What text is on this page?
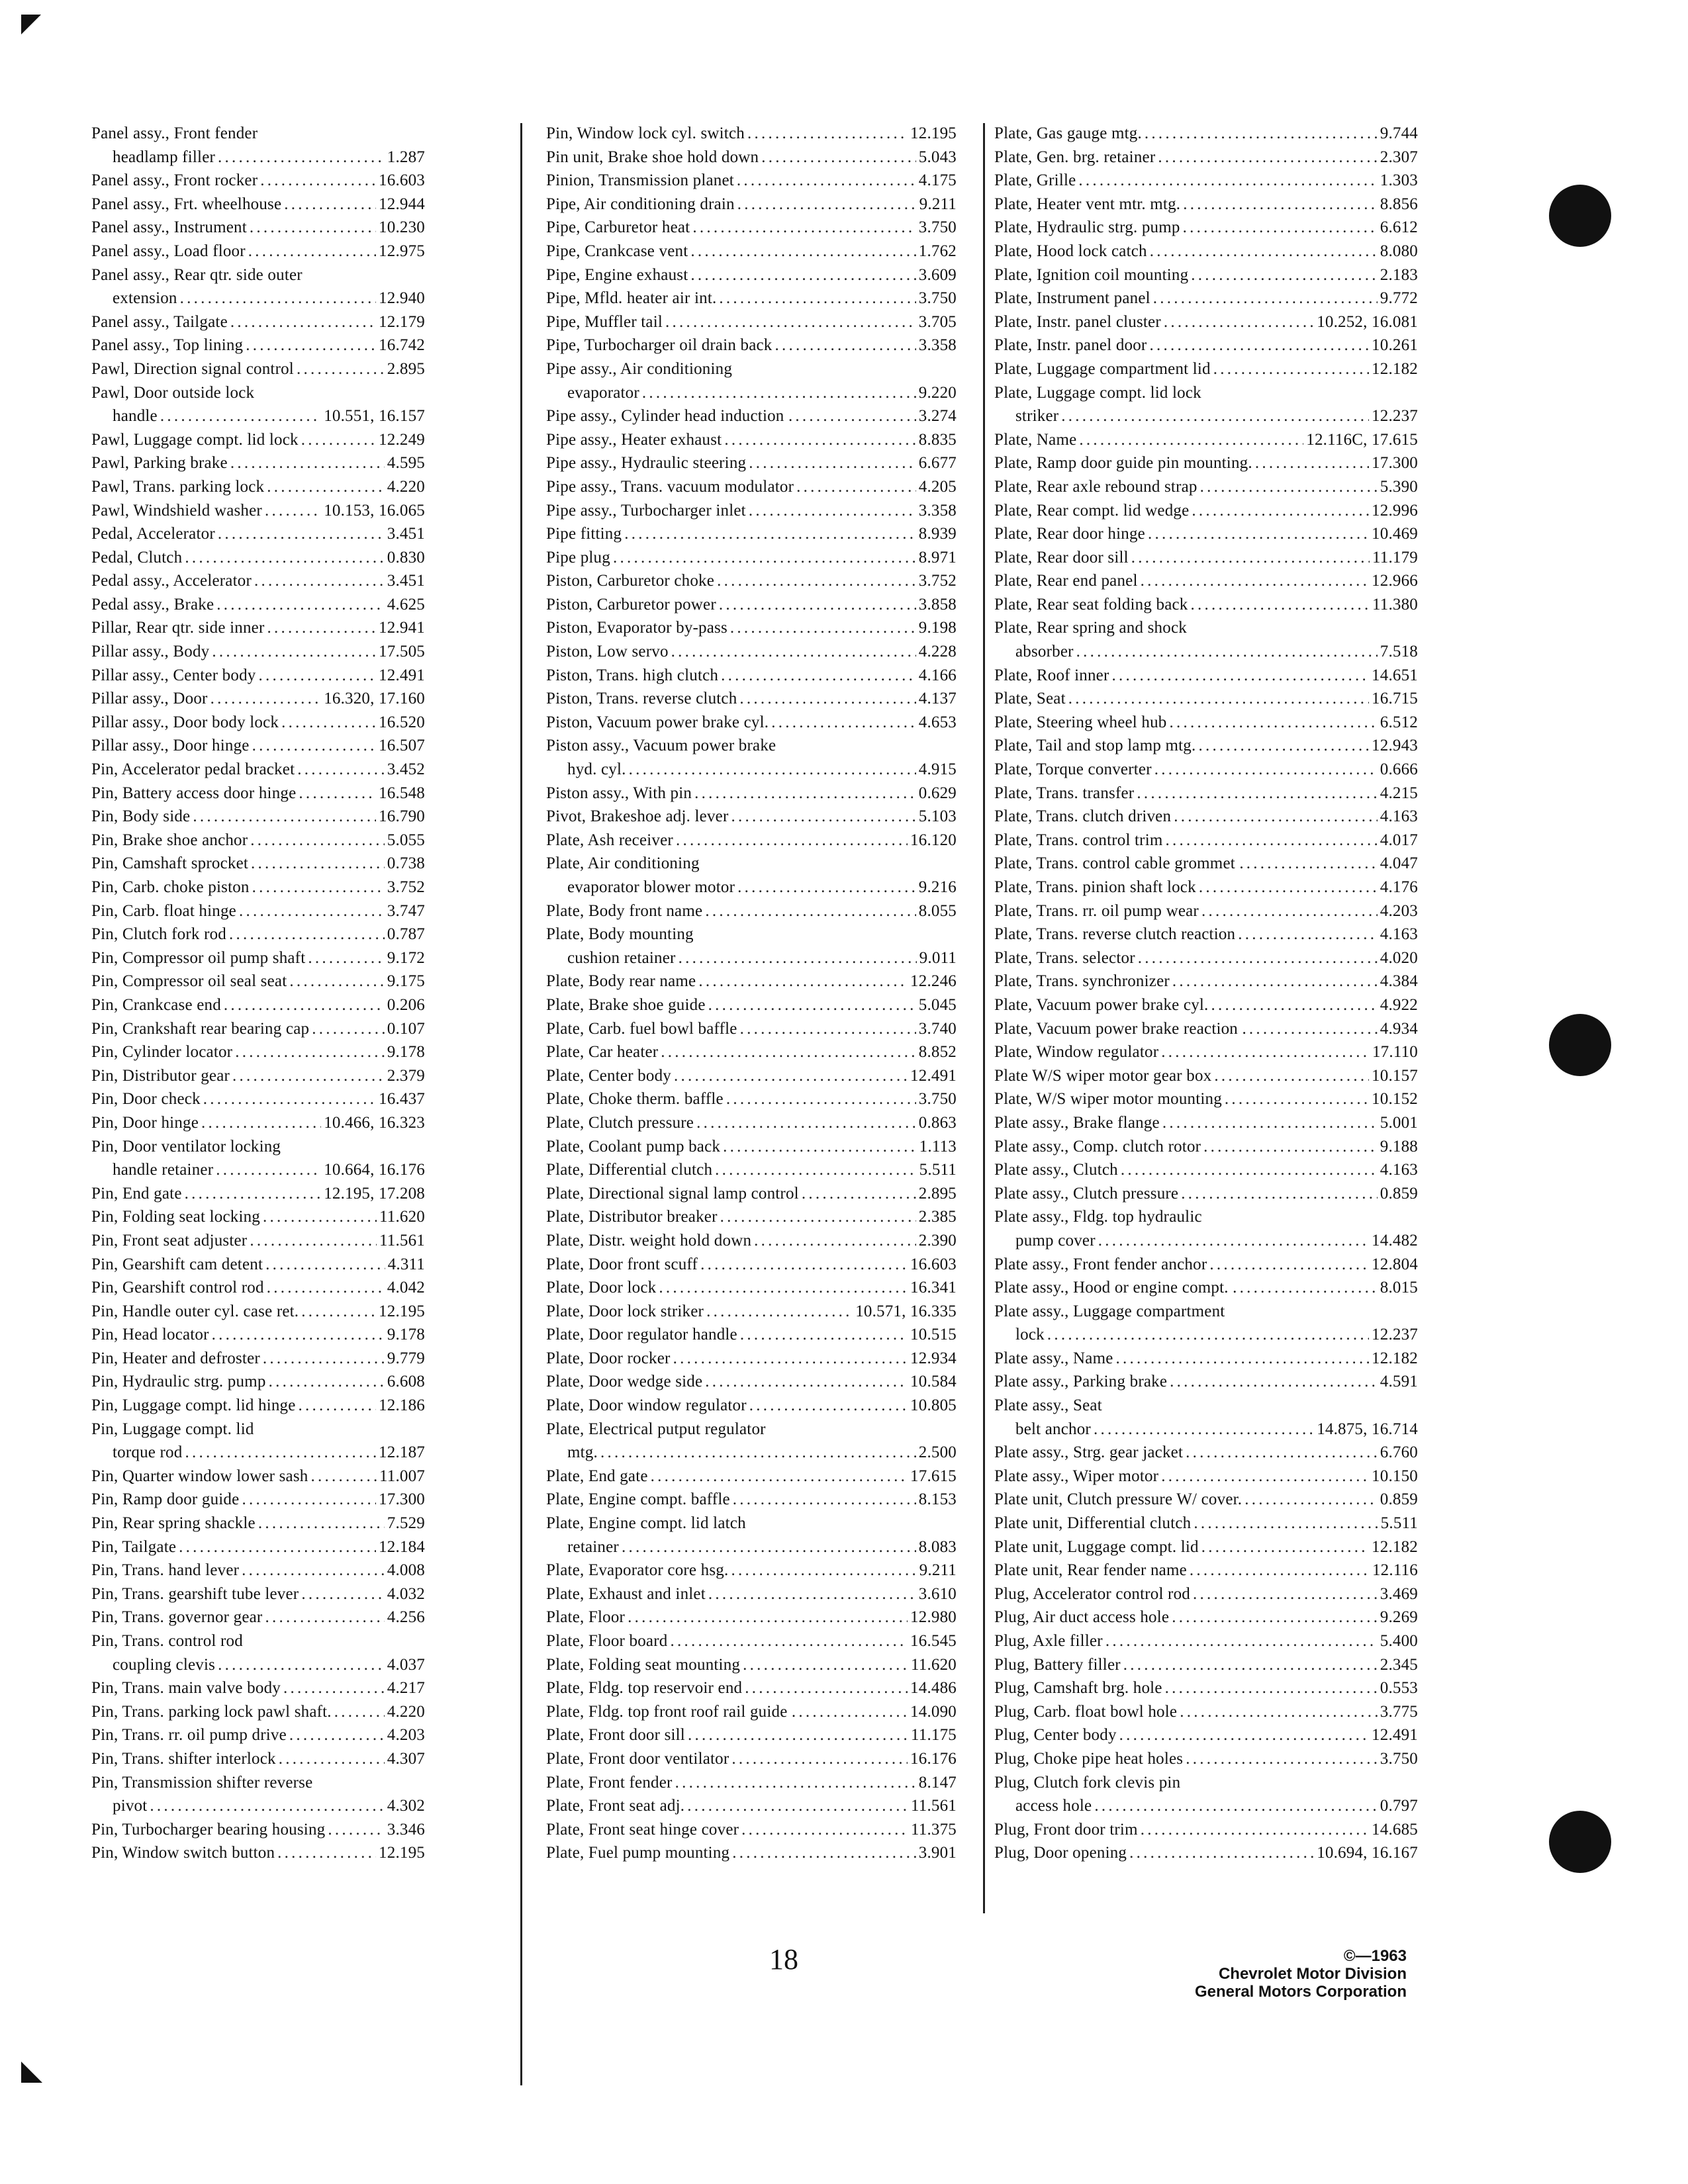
Panel assy., Front fender
headlamp filler . . .	1.287
Panel assy., Front rocker . . .	16.603
Panel assy., Frt. wheelhouse . . .	12.944
Panel assy., Instrument . . .	10.230
Panel assy., Load floor . . .	12.975
Panel assy., Rear qtr. side outer
extension . . .	12.940
Panel assy., Tailgate . . .	12.179
Panel assy., Top lining . . .	16.742
Pawl, Direction signal control . . .	2.895
Pawl, Door outside lock
handle . . .	10.551, 16.157
Pawl, Luggage compt. lid lock . . .	12.249
Pawl, Parking brake . . .	4.595
Pawl, Trans. parking lock . . .	4.220
Pawl, Windshield washer . . .	10.153, 16.065
Pedal, Accelerator . . .	3.451
Pedal, Clutch . . .	0.830
Pedal assy., Accelerator . . .	3.451
Pedal assy., Brake . . .	4.625
Pillar, Rear qtr. side inner . . .	12.941
Pillar assy., Body . . .	17.505
Pillar assy., Center body . . .	12.491
Pillar assy., Door . . .	16.320, 17.160
Pillar assy., Door body lock . . .	16.520
Pillar assy., Door hinge . . .	16.507
Pin, Accelerator pedal bracket . . .	3.452
Pin, Battery access door hinge . . .	16.548
Pin, Body side . . .	16.790
Pin, Brake shoe anchor . . .	5.055
Pin, Camshaft sprocket . . .	0.738
Pin, Carb. choke piston . . .	3.752
Pin, Carb. float hinge . . .	3.747
Pin, Clutch fork rod . . .	0.787
Pin, Compressor oil pump shaft . . .	9.172
Pin, Compressor oil seal seat . . .	9.175
Pin, Crankcase end . . .	0.206
Pin, Crankshaft rear bearing cap . . .	0.107
Pin, Cylinder locator . . .	9.178
Pin, Distributor gear . . .	2.379
Pin, Door check . . .	16.437
Pin, Door hinge . . .	10.466, 16.323
Pin, Door ventilator locking
handle retainer . . .	10.664, 16.176
Pin, End gate . . .	12.195, 17.208
Pin, Folding seat locking . . .	11.620
Pin, Front seat adjuster . . .	11.561
Pin, Gearshift cam detent . . .	4.311
Pin, Gearshift control rod . . .	4.042
Pin, Handle outer cyl. case ret. . . .	12.195
Pin, Head locator . . .	9.178
Pin, Heater and defroster . . .	9.779
Pin, Hydraulic strg. pump . . .	6.608
Pin, Luggage compt. lid hinge . . .	12.186
Pin, Luggage compt. lid
torque rod . . .	12.187
Pin, Quarter window lower sash . . .	11.007
Pin, Ramp door guide . . .	17.300
Pin, Rear spring shackle . . .	7.529
Pin, Tailgate . . .	12.184
Pin, Trans. hand lever . . .	4.008
Pin, Trans. gearshift tube lever . . .	4.032
Pin, Trans. governor gear . . .	4.256
Pin, Trans. control rod
coupling clevis . . .	4.037
Pin, Trans. main valve body . . .	4.217
Pin, Trans. parking lock pawl shaft. . . .	4.220
Pin, Trans. rr. oil pump drive . . .	4.203
Pin, Trans. shifter interlock . . .	4.307
Pin, Transmission shifter reverse
pivot . . .	4.302
Pin, Turbocharger bearing housing . . .	3.346
Pin, Window switch button . . .	12.195
Pin, Window lock cyl. switch . . .	12.195
Pin unit, Brake shoe hold down . . .	5.043
Pinion, Transmission planet . . .	4.175
Pipe, Air conditioning drain . . .	9.211
Pipe, Carburetor heat . . .	3.750
Pipe, Crankcase vent . . .	1.762
Pipe, Engine exhaust . . .	3.609
Pipe, Mfld. heater air int. . . .	3.750
Pipe, Muffler tail . . .	3.705
Pipe, Turbocharger oil drain back . . .	3.358
Pipe assy., Air conditioning
evaporator . . .	9.220
Pipe assy., Cylinder head induction . . . .	3.274
Pipe assy., Heater exhaust . . .	8.835
Pipe assy., Hydraulic steering . . .	6.677
Pipe assy., Trans. vacuum modulator . . .	4.205
Pipe assy., Turbocharger inlet . . .	3.358
Pipe fitting . . .	8.939
Pipe plug . . .	8.971
Piston, Carburetor choke . . .	3.752
Piston, Carburetor power . . .	3.858
Piston, Evaporator by-pass . . .	9.198
Piston, Low servo . . .	4.228
Piston, Trans. high clutch . . .	4.166
Piston, Trans. reverse clutch . . .	4.137
Piston, Vacuum power brake cyl. . . .	4.653
Piston assy., Vacuum power brake
hyd. cyl. . . .	4.915
Piston assy., With pin . . .	0.629
Pivot, Brakeshoe adj. lever . . .	5.103
Plate, Ash receiver . . .	16.120
Plate, Air conditioning
evaporator blower motor . . .	9.216
Plate, Body front name . . .	8.055
Plate, Body mounting
cushion retainer . . .	9.011
Plate, Body rear name . . .	12.246
Plate, Brake shoe guide . . .	5.045
Plate, Carb. fuel bowl baffle . . .	3.740
Plate, Car heater . . .	8.852
Plate, Center body . . .	12.491
Plate, Choke therm. baffle . . .	3.750
Plate, Clutch pressure . . .	0.863
Plate, Coolant pump back . . .	1.113
Plate, Differential clutch . . .	5.511
Plate, Directional signal lamp control . . .	2.895
Plate, Distributor breaker . . .	2.385
Plate, Distr. weight hold down . . .	2.390
Plate, Door front scuff . . .	16.603
Plate, Door lock . . .	16.341
Plate, Door lock striker . . .	10.571, 16.335
Plate, Door regulator handle . . .	10.515
Plate, Door rocker . . .	12.934
Plate, Door wedge side . . .	10.584
Plate, Door window regulator . . .	10.805
Plate, Electrical putput regulator
mtg. . . .	2.500
Plate, End gate . . .	17.615
Plate, Engine compt. baffle . . .	8.153
Plate, Engine compt. lid latch
retainer . . .	8.083
Plate, Evaporator core hsg. . . .	9.211
Plate, Exhaust and inlet . . .	3.610
Plate, Floor . . .	12.980
Plate, Floor board . . .	16.545
Plate, Folding seat mounting . . .	11.620
Plate, Fldg. top reservoir end . . .	14.486
Plate, Fldg. top front roof rail guide . . . .	14.090
Plate, Front door sill . . .	11.175
Plate, Front door ventilator . . .	16.176
Plate, Front fender . . .	8.147
Plate, Front seat adj. . . .	11.561
Plate, Front seat hinge cover . . .	11.375
Plate, Fuel pump mounting . . .	3.901
Plate, Gas gauge mtg. . . .	9.744
Plate, Gen. brg. retainer . . .	2.307
Plate, Grille . . .	1.303
Plate, Heater vent mtr. mtg. . . .	8.856
Plate, Hydraulic strg. pump . . .	6.612
Plate, Hood lock catch . . .	8.080
Plate, Ignition coil mounting . . .	2.183
Plate, Instrument panel . . .	9.772
Plate, Instr. panel cluster . . .	10.252, 16.081
Plate, Instr. panel door . . .	10.261
Plate, Luggage compartment lid . . .	12.182
Plate, Luggage compt. lid lock
striker . . .	12.237
Plate, Name . . .	12.116C, 17.615
Plate, Ramp door guide pin mounting. . . .	17.300
Plate, Rear axle rebound strap . . .	5.390
Plate, Rear compt. lid wedge . . .	12.996
Plate, Rear door hinge . . .	10.469
Plate, Rear door sill . . .	11.179
Plate, Rear end panel . . .	12.966
Plate, Rear seat folding back . . .	11.380
Plate, Rear spring and shock
absorber . . .	7.518
Plate, Roof inner . . .	14.651
Plate, Seat . . .	16.715
Plate, Steering wheel hub . . .	6.512
Plate, Tail and stop lamp mtg. . . .	12.943
Plate, Torque converter . . .	0.666
Plate, Trans. transfer . . .	4.215
Plate, Trans. clutch driven . . .	4.163
Plate, Trans. control trim . . .	4.017
Plate, Trans. control cable grommet . . . .	4.047
Plate, Trans. pinion shaft lock . . .	4.176
Plate, Trans. rr. oil pump wear . . .	4.203
Plate, Trans. reverse clutch reaction . . .	4.163
Plate, Trans. selector . . .	4.020
Plate, Trans. synchronizer . . .	4.384
Plate, Vacuum power brake cyl. . . .	4.922
Plate, Vacuum power brake reaction . . . .	4.934
Plate, Window regulator . . .	17.110
Plate W/S wiper motor gear box . . .	10.157
Plate, W/S wiper motor mounting . . .	10.152
Plate assy., Brake flange . . .	5.001
Plate assy., Comp. clutch rotor . . .	9.188
Plate assy., Clutch . . .	4.163
Plate assy., Clutch pressure . . .	0.859
Plate assy., Fldg. top hydraulic
pump cover . . .	14.482
Plate assy., Front fender anchor . . .	12.804
Plate assy., Hood or engine compt. . . . .	8.015
Plate assy., Luggage compartment
lock . . .	12.237
Plate assy., Name . . .	12.182
Plate assy., Parking brake . . .	4.591
Plate assy., Seat
belt anchor . . .	14.875, 16.714
Plate assy., Strg. gear jacket . . .	6.760
Plate assy., Wiper motor . . .	10.150
Plate unit, Clutch pressure W/ cover. . . .	0.859
Plate unit, Differential clutch . . .	5.511
Plate unit, Luggage compt. lid . . .	12.182
Plate unit, Rear fender name . . .	12.116
Plug, Accelerator control rod . . .	3.469
Plug, Air duct access hole . . .	9.269
Plug, Axle filler . . .	5.400
Plug, Battery filler . . .	2.345
Plug, Camshaft brg. hole . . .	0.553
Plug, Carb. float bowl hole . . .	3.775
Plug, Center body . . .	12.491
Plug, Choke pipe heat holes . . .	3.750
Plug, Clutch fork clevis pin
access hole . . .	0.797
Plug, Front door trim . . .	14.685
Plug, Door opening . . .	10.694, 16.167
18	©—1963
Chevrolet Motor Division
General Motors Corporation
